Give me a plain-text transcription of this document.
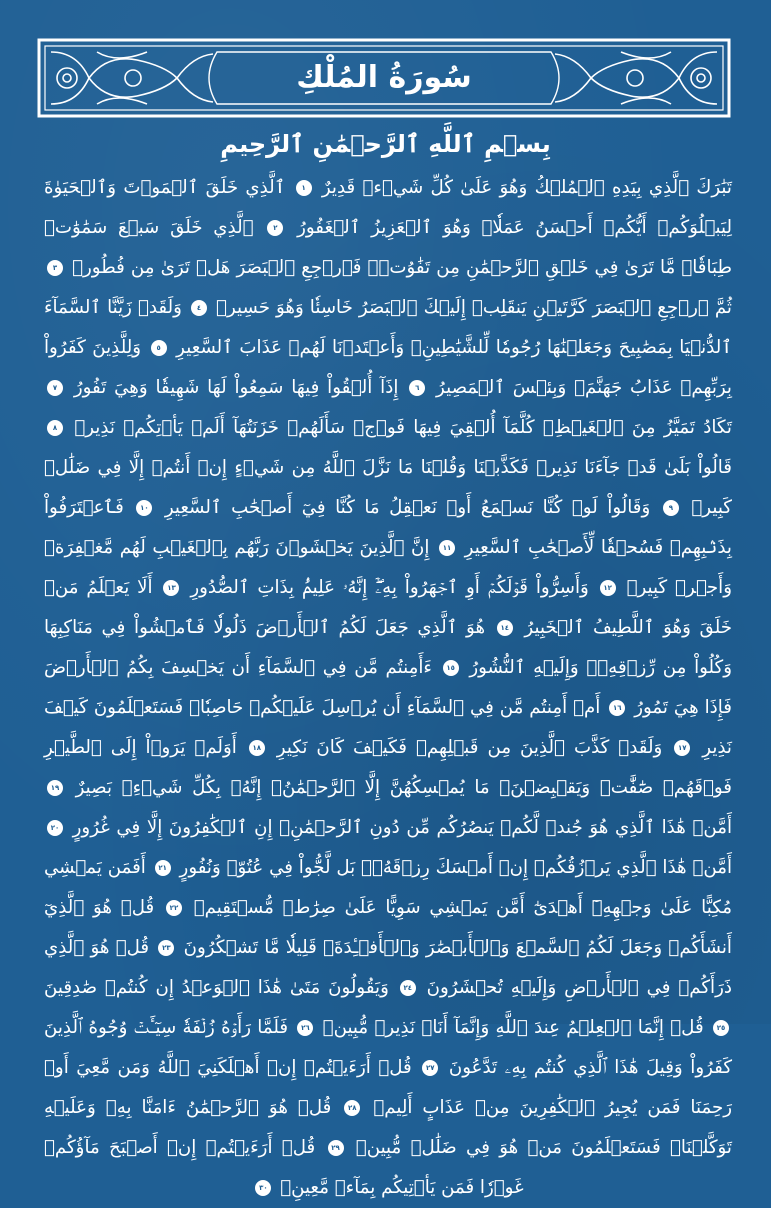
سُورَةُ المُلْكِ
بِسۡمِ ٱللَّهِ ٱلرَّحۡمَٰنِ ٱلرَّحِيمِ
تَبَٰرَكَ ٱلَّذِي بِيَدِهِ ٱلۡمُلۡكُ وَهُوَ عَلَىٰ كُلِّ شَيۡءٖ قَدِيرٌ ١ ٱلَّذِي خَلَقَ ٱلۡمَوۡتَ وَٱلۡحَيَوٰةَ لِيَبۡلُوَكُمۡ أَيُّكُمۡ أَحۡسَنُ عَمَلٗاۚ وَهُوَ ٱلۡعَزِيزُ ٱلۡغَفُورُ ٢ ٱلَّذِي خَلَقَ سَبۡعَ سَمَٰوَٰتٖ طِبَاقٗاۖ مَّا تَرَىٰ فِي خَلۡقِ ٱلرَّحۡمَٰنِ مِن تَفَٰوُتٖۖ فَٱرۡجِعِ ٱلۡبَصَرَ هَلۡ تَرَىٰ مِن فُطُورٖ ٣ ثُمَّ ٱرۡجِعِ ٱلۡبَصَرَ كَرَّتَيۡنِ يَنقَلِبۡ إِلَيۡكَ ٱلۡبَصَرُ خَاسِئٗا وَهُوَ حَسِيرٞ ٤ وَلَقَدۡ زَيَّنَّا ٱلسَّمَآءَ ٱلدُّنۡيَا بِمَصَٰبِيحَ وَجَعَلۡنَٰهَا رُجُومٗا لِّلشَّيَٰطِينِۖ وَأَعۡتَدۡنَا لَهُمۡ عَذَابَ ٱلسَّعِيرِ ٥ وَلِلَّذِينَ كَفَرُواْ بِرَبِّهِمۡ عَذَابُ جَهَنَّمَۖ وَبِئۡسَ ٱلۡمَصِيرُ ٦ إِذَآ أُلۡقُواْ فِيهَا سَمِعُواْ لَهَا شَهِيقٗا وَهِيَ تَفُورُ ٧ تَكَادُ تَمَيَّزُ مِنَ ٱلۡغَيۡظِۖ كُلَّمَآ أُلۡقِيَ فِيهَا فَوۡجٞ سَأَلَهُمۡ خَزَنَتُهَآ أَلَمۡ يَأۡتِكُمۡ نَذِيرٞ ٨ قَالُواْ بَلَىٰ قَدۡ جَآءَنَا نَذِيرٞ فَكَذَّبۡنَا وَقُلۡنَا مَا نَزَّلَ ٱللَّهُ مِن شَيۡءٍ إِنۡ أَنتُمۡ إِلَّا فِي ضَلَٰلٖ كَبِيرٖ ٩ وَقَالُواْ لَوۡ كُنَّا نَسۡمَعُ أَوۡ نَعۡقِلُ مَا كُنَّا فِيٓ أَصۡحَٰبِ ٱلسَّعِيرِ ١٠ فَٱعۡتَرَفُواْ بِذَنۢبِهِمۡ فَسُحۡقٗا لِّأَصۡحَٰبِ ٱلسَّعِيرِ ١١ إِنَّ ٱلَّذِينَ يَخۡشَوۡنَ رَبَّهُم بِٱلۡغَيۡبِ لَهُم مَّغۡفِرَةٞ وَأَجۡرٞ كَبِيرٞ ١٢ وَأَسِرُّواْ قَوۡلَكُمۡ أَوِ ٱجۡهَرُواْ بِهِۦٓۖ إِنَّهُۥ عَلِيمُۢ بِذَاتِ ٱلصُّدُورِ ١٣ أَلَا يَعۡلَمُ مَنۡ خَلَقَ وَهُوَ ٱللَّطِيفُ ٱلۡخَبِيرُ ١٤ هُوَ ٱلَّذِي جَعَلَ لَكُمُ ٱلۡأَرۡضَ ذَلُولٗا فَٱمۡشُواْ فِي مَنَاكِبِهَا وَكُلُواْ مِن رِّزۡقِهِۦۖ وَإِلَيۡهِ ٱلنُّشُورُ ١٥ ءَأَمِنتُم مَّن فِي ٱلسَّمَآءِ أَن يَخۡسِفَ بِكُمُ ٱلۡأَرۡضَ فَإِذَا هِيَ تَمُورُ ١٦ أَمۡ أَمِنتُم مَّن فِي ٱلسَّمَآءِ أَن يُرۡسِلَ عَلَيۡكُمۡ حَاصِبٗاۖ فَسَتَعۡلَمُونَ كَيۡفَ نَذِيرِ ١٧ وَلَقَدۡ كَذَّبَ ٱلَّذِينَ مِن قَبۡلِهِمۡ فَكَيۡفَ كَانَ نَكِيرِ ١٨ أَوَلَمۡ يَرَوۡاْ إِلَى ٱلطَّيۡرِ فَوۡقَهُمۡ صَٰٓفَّٰتٖ وَيَقۡبِضۡنَۚ مَا يُمۡسِكُهُنَّ إِلَّا ٱلرَّحۡمَٰنُۚ إِنَّهُۥ بِكُلِّ شَيۡءِۭ بَصِيرٌ ١٩ أَمَّنۡ هَٰذَا ٱلَّذِي هُوَ جُندٞ لَّكُمۡ يَنصُرُكُم مِّن دُونِ ٱلرَّحۡمَٰنِۚ إِنِ ٱلۡكَٰفِرُونَ إِلَّا فِي غُرُورٍ ٢٠ أَمَّنۡ هَٰذَا ٱلَّذِي يَرۡزُقُكُمۡ إِنۡ أَمۡسَكَ رِزۡقَهُۥۚ بَل لَّجُّواْ فِي عُتُوّٖ وَنُفُورٍ ٢١ أَفَمَن يَمۡشِي مُكِبًّا عَلَىٰ وَجۡهِهِۦٓ أَهۡدَىٰٓ أَمَّن يَمۡشِي سَوِيًّا عَلَىٰ صِرَٰطٖ مُّسۡتَقِيمٖ ٢٢ قُلۡ هُوَ ٱلَّذِيٓ أَنشَأَكُمۡ وَجَعَلَ لَكُمُ ٱلسَّمۡعَ وَٱلۡأَبۡصَٰرَ وَٱلۡأَفۡـِٔدَةَۚ قَلِيلٗا مَّا تَشۡكُرُونَ ٢٣ قُلۡ هُوَ ٱلَّذِي ذَرَأَكُمۡ فِي ٱلۡأَرۡضِ وَإِلَيۡهِ تُحۡشَرُونَ ٢٤ وَيَقُولُونَ مَتَىٰ هَٰذَا ٱلۡوَعۡدُ إِن كُنتُمۡ صَٰدِقِينَ ٢٥ قُلۡ إِنَّمَا ٱلۡعِلۡمُ عِندَ ٱللَّهِ وَإِنَّمَآ أَنَا۠ نَذِيرٞ مُّبِينٞ ٢٦ فَلَمَّا رَأَوۡهُ زُلۡفَةٗ سِيٓـَٔتۡ وُجُوهُ ٱلَّذِينَ كَفَرُواْ وَقِيلَ هَٰذَا ٱلَّذِي كُنتُم بِهِۦ تَدَّعُونَ ٢٧ قُلۡ أَرَءَيۡتُمۡ إِنۡ أَهۡلَكَنِيَ ٱللَّهُ وَمَن مَّعِيَ أَوۡ رَحِمَنَا فَمَن يُجِيرُ ٱلۡكَٰفِرِينَ مِنۡ عَذَابٍ أَلِيمٖ ٢٨ قُلۡ هُوَ ٱلرَّحۡمَٰنُ ءَامَنَّا بِهِۦ وَعَلَيۡهِ تَوَكَّلۡنَاۖ فَسَتَعۡلَمُونَ مَنۡ هُوَ فِي ضَلَٰلٖ مُّبِينٖ ٢٩ قُلۡ أَرَءَيۡتُمۡ إِنۡ أَصۡبَحَ مَآؤُكُمۡ غَوۡرٗا فَمَن يَأۡتِيكُم بِمَآءٖ مَّعِينِۭ ٣٠
